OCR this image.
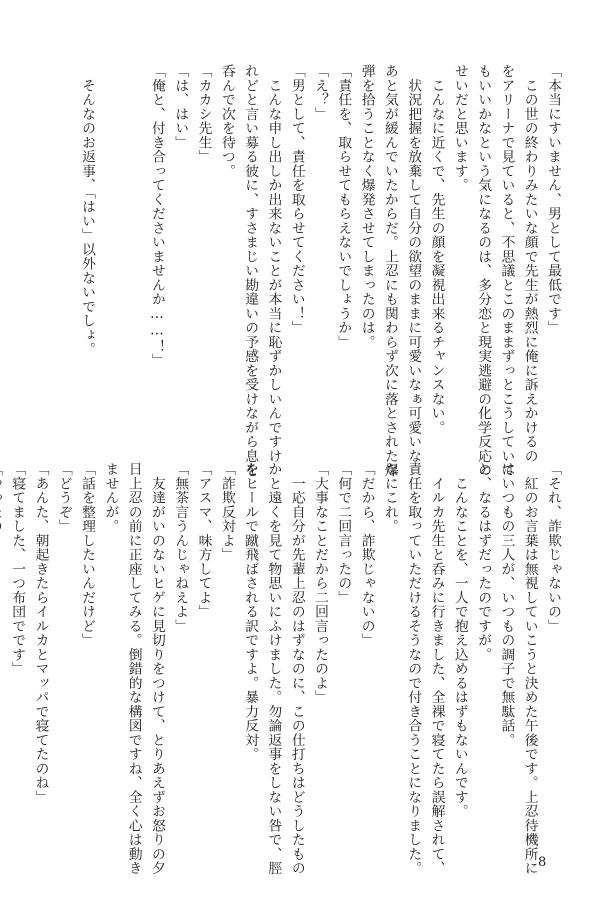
「本当にすいません、男として最低です」
　この世の終わりみたいな顔で先生が熱烈に俺に訴えかけるの
をアリーナで見ていると、不思議とこのままずっとこうしていて
もいいかなという気になるのは、多分恋と現実逃避の化学反応の
せいだと思います。
　こんなに近くで、先生の顔を凝視出来るチャンスない。
　状況把握を放棄して自分の欲望のままに可愛いなぁ可愛いな
あと気が緩んでいたからだ。上忍にも関わらず次に落とされた爆
弾を拾うことなく爆発させてしまったのは。
「責任を、取らせてもらえないでしょうか」
「え？」
「男として、責任を取らせてください！」
　こんな申し出しか出来ないことが本当に恥ずかしいんですけ
れどと言い募る彼に、すさまじい勘違いの予感を受けながら息を
呑んで次を待つ。
「カカシ先生」
「は、はい」
「俺と、付き合ってくださいませんか……！」

　そんなのお返事、「はい」以外ないでしょ。
「それ、詐欺じゃないの」
　紅のお言葉は無視していこうと決めた午後です。上忍待機所に
はいつもの三人が、いつもの調子で無駄話。
と、なるはずだったのですが。
　こんなことを、一人で抱え込めるはずもないんです。
　イルカ先生と呑みに行きました、全裸で寝てたら誤解されて、
責任を取っていただけるそうなので付き合うことになりました。
なにこれ。
「だから、詐欺じゃないの」
「何で二回言ったの」
「大事なことだから二回言ったのよ」
　一応自分が先輩上忍のはずなのに、この仕打ちはどうしたもの
かと遠くを見て物思いにふけました。勿論返事をしない咎で、脛
をヒールで蹴飛ばされる訳ですよ。暴力反対。
「詐欺反対よ」
「アスマ、味方してよ」
「無茶言うんじゃねえよ」
　友達がいのないヒゲに見切りをつけて、とりあえずお怒りの夕
日上忍の前に正座してみる。倒錯的な構図ですね、全く心は動き
ませんが。
「話を整理したいんだけど」
「どうぞ」
「あんた、朝起きたらイルカとマッパで寝てたのね」
「寝てました、一つ布団でです」
8
